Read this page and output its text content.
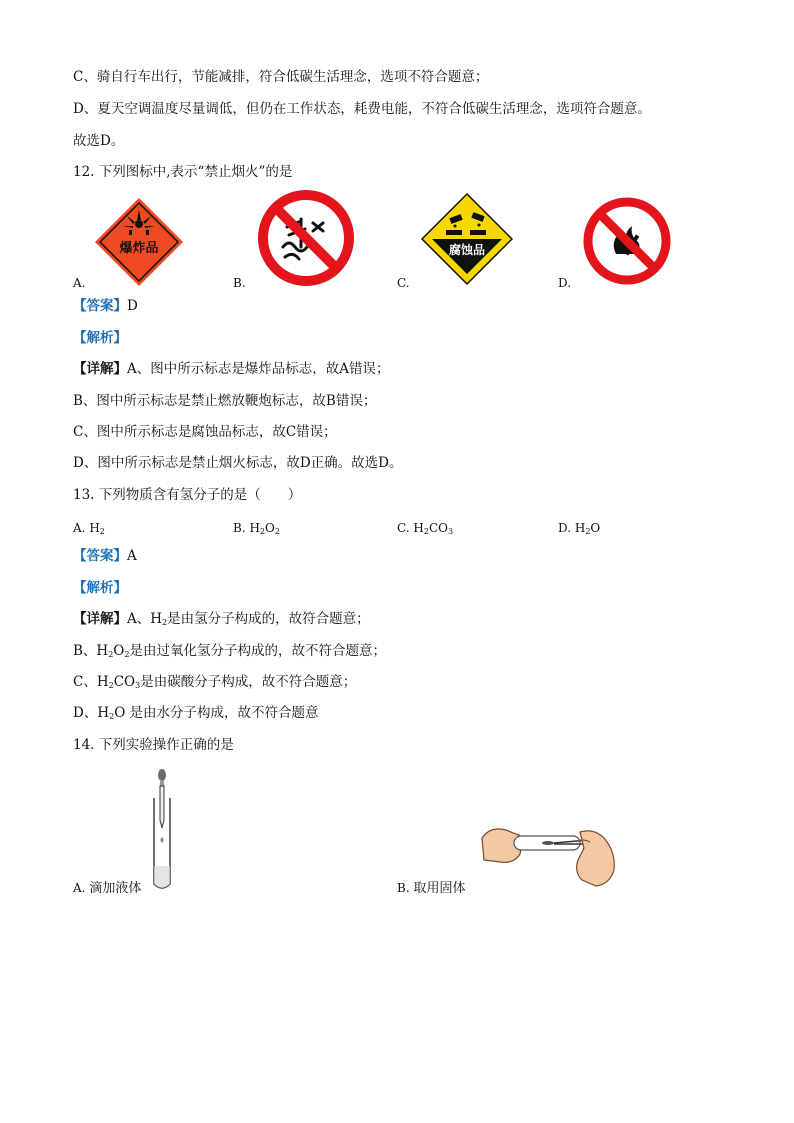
C、骑自行车出行，节能减排，符合低碳生活理念，选项不符合题意；
D、夏天空调温度尽量调低，但仍在工作状态，耗费电能，不符合低碳生活理念，选项符合题意。
故选D。
12. 下列图标中,表示“禁止烟火”的是
爆炸品
A.	B.
腐蚀品
C.	D.
【答案】D
【解析】
【详解】A、图中所示标志是爆炸品标志，故A错误；
B、图中所示标志是禁止燃放鞭炮标志，故B错误；
C、图中所示标志是腐蚀品标志，故C错误；
D、图中所示标志是禁止烟火标志，故D正确。故选D。
13. 下列物质含有氢分子的是（　　）
A. $H_2$	B. $H_2O_2$	C. $H_2CO_3$	D. $H_2O$
【答案】A
【解析】
【详解】A、$H_2$是由氢分子构成的，故符合题意；
B、$H_2O_2$是由过氧化氢分子构成的，故不符合题意；
C、$H_2CO_3$是由碳酸分子构成，故不符合题意；
D、$H_2O$ 是由水分子构成，故不符合题意
14. 下列实验操作正确的是
A. 滴加液体	B. 取用固体
